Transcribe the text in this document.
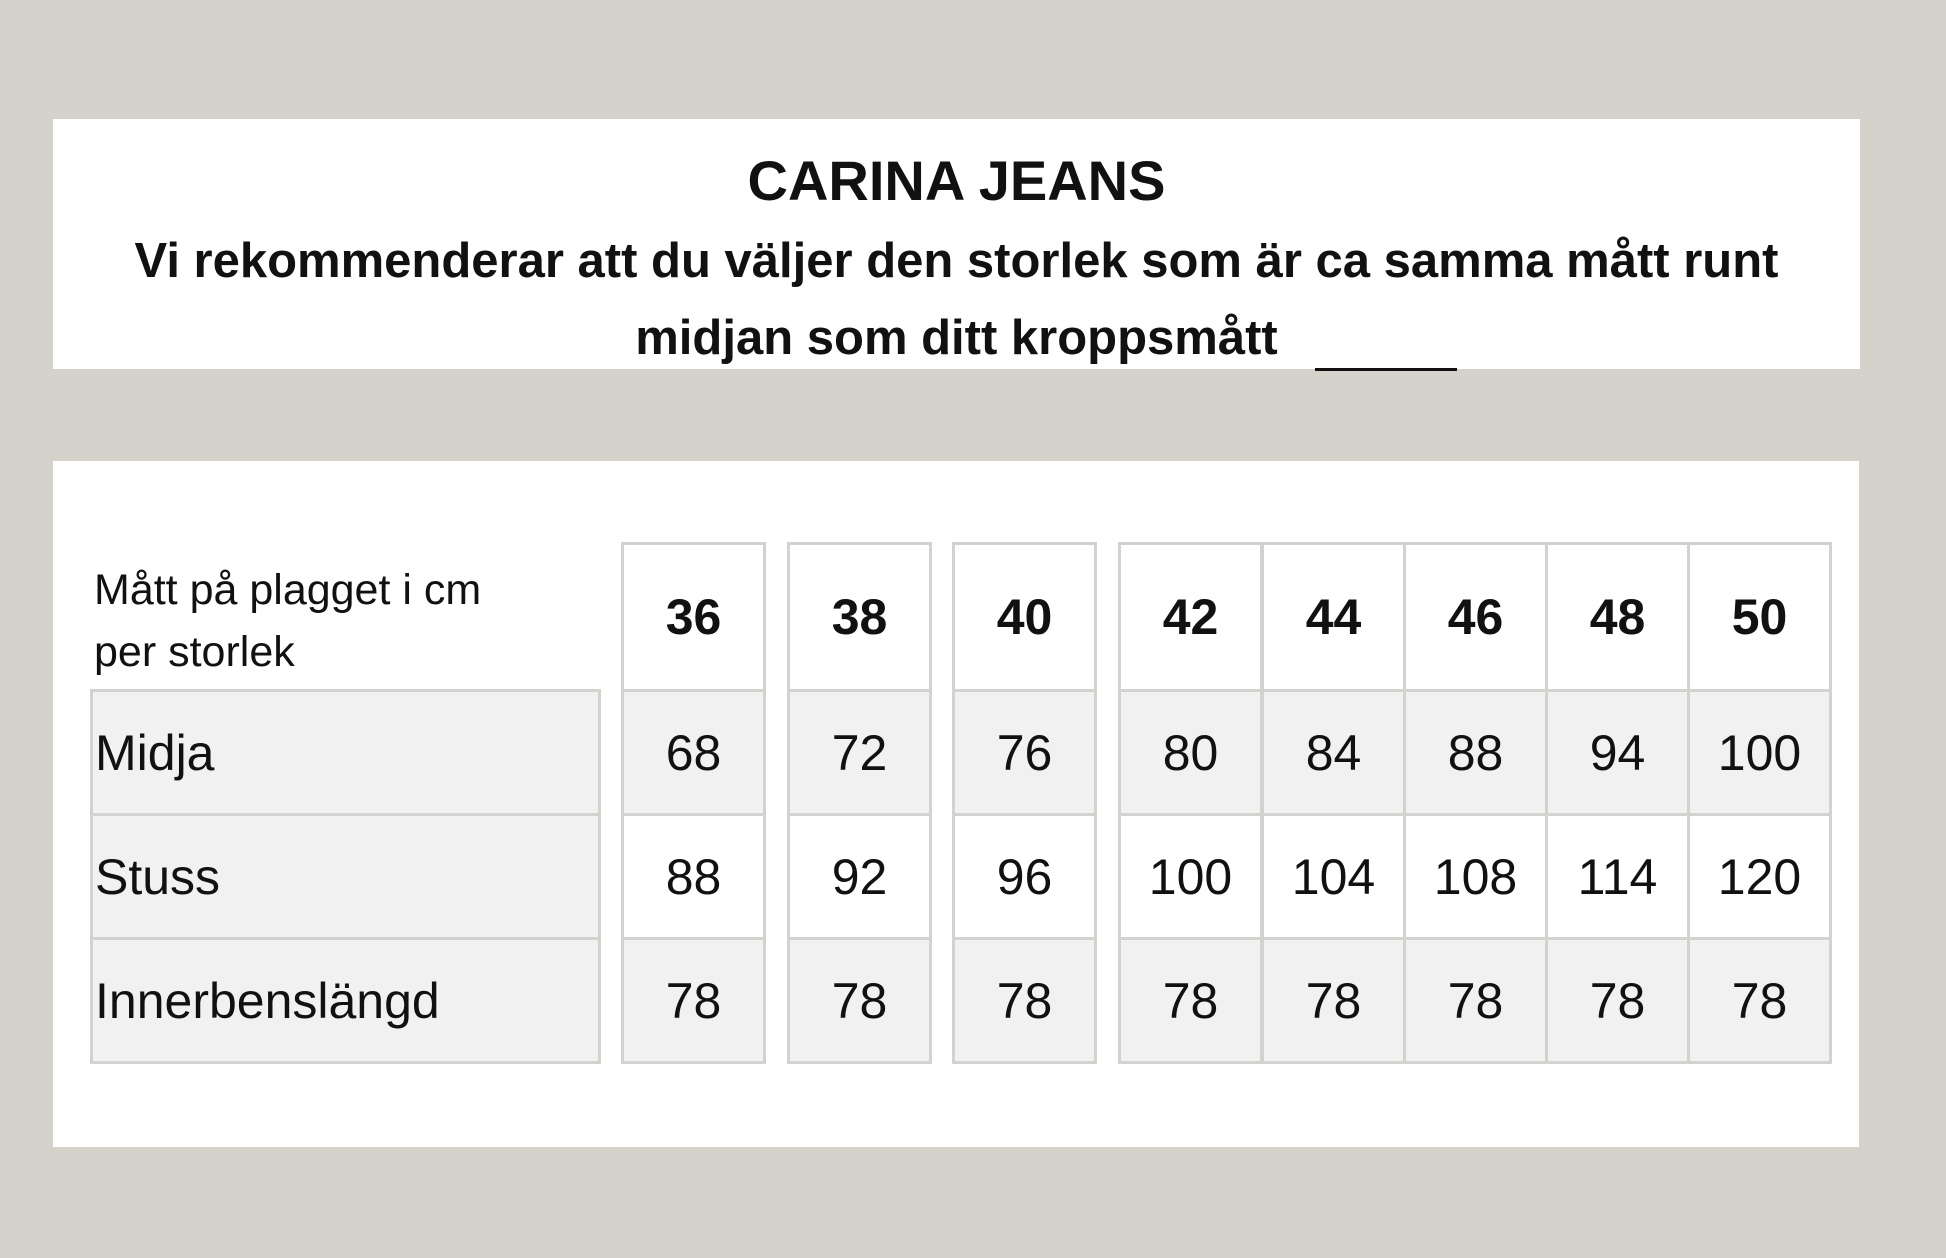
CARINA JEANS
Vi rekommenderar att du väljer den storlek som är ca samma mått runt midjan som ditt kroppsmått
Mått på plagget i cm per storlek
36	38	40	42	44	46	48	50
Midja	68	72	76	80	84	88	94	100
Stuss	88	92	96	100	104	108	114	120
Innerbenslängd	78	78	78	78	78	78	78	78
